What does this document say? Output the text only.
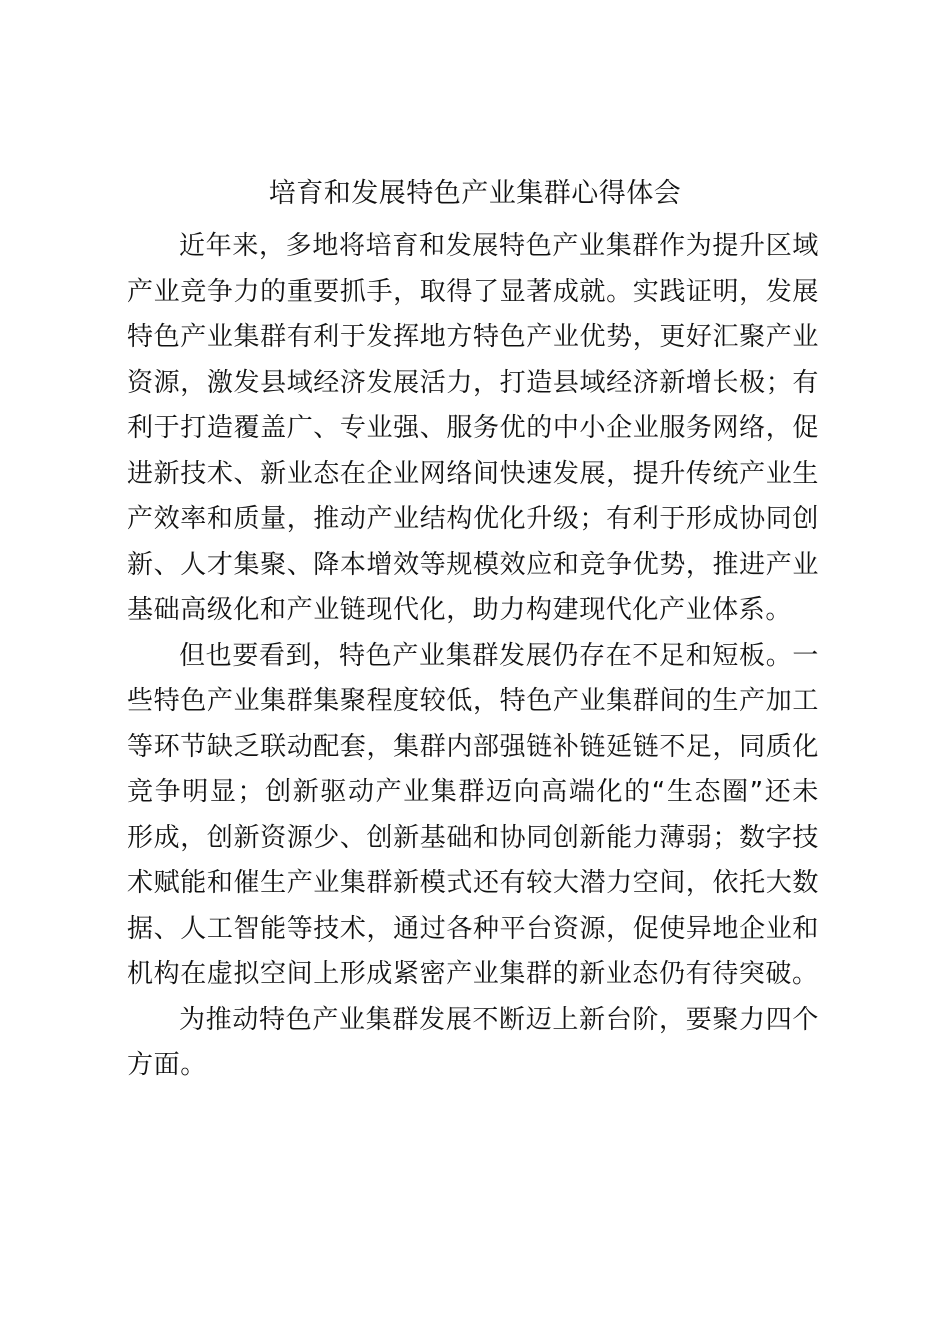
培育和发展特色产业集群心得体会

近年来，多地将培育和发展特色产业集群作为提升区域产业竞争力的重要抓手，取得了显著成就。实践证明，发展特色产业集群有利于发挥地方特色产业优势，更好汇聚产业资源，激发县域经济发展活力，打造县域经济新增长极；有利于打造覆盖广、专业强、服务优的中小企业服务网络，促进新技术、新业态在企业网络间快速发展，提升传统产业生产效率和质量，推动产业结构优化升级；有利于形成协同创新、人才集聚、降本增效等规模效应和竞争优势，推进产业基础高级化和产业链现代化，助力构建现代化产业体系。

但也要看到，特色产业集群发展仍存在不足和短板。一些特色产业集群集聚程度较低，特色产业集群间的生产加工等环节缺乏联动配套，集群内部强链补链延链不足，同质化竞争明显；创新驱动产业集群迈向高端化的“生态圈”还未形成，创新资源少、创新基础和协同创新能力薄弱；数字技术赋能和催生产业集群新模式还有较大潜力空间，依托大数据、人工智能等技术，通过各种平台资源，促使异地企业和机构在虚拟空间上形成紧密产业集群的新业态仍有待突破。

为推动特色产业集群发展不断迈上新台阶，要聚力四个方面。
